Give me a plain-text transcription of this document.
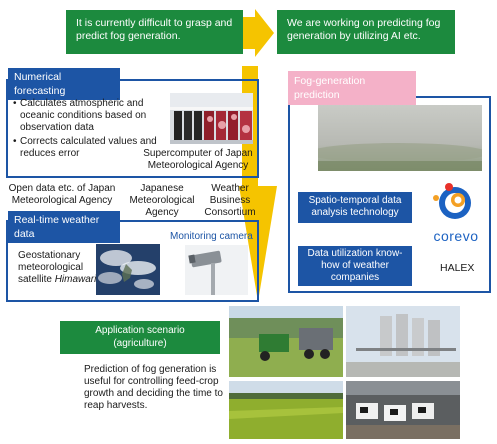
It is currently difficult to grasp and predict fog generation.
We are working on predicting fog generation by utilizing AI etc.
Numerical forecasting
• Calculates atmospheric and oceanic conditions based on observation data
• Corrects calculated values and reduces error	Supercomputer of Japan Meteorological Agency
Open data etc. of Japan Meteorological Agency
Japanese Meteorological Agency
Weather Business Consortium
Real-time weather data	Monitoring camera
Geostationary meteorological satellite Himawari
Fog-generation prediction
Spatio-temporal data analysis technology
corevo
Data utilization know-how of weather companies
HALEX
Application scenario (agriculture)
Prediction of fog generation is useful for controlling feed-crop growth and deciding the time to reap harvests.
